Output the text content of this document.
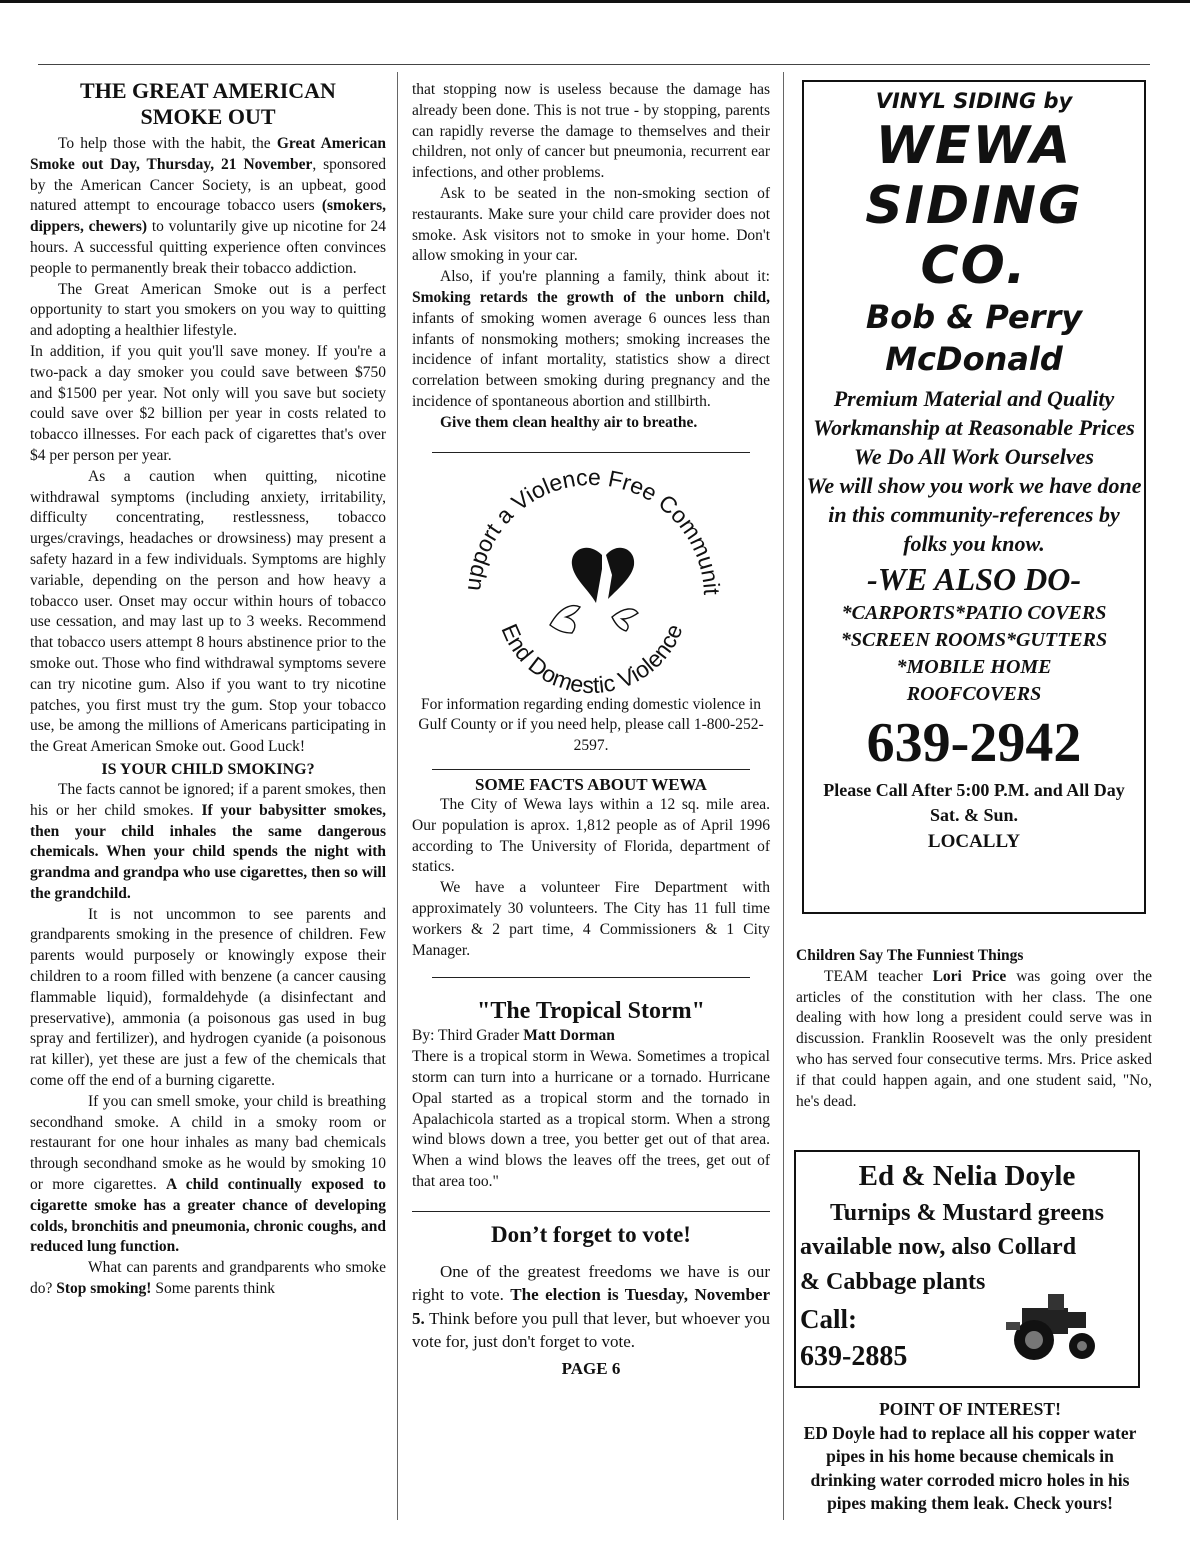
THE GREAT AMERICAN
SMOKE OUT

To help those with the habit, the Great American Smoke out Day, Thursday, 21 November, sponsored by the American Cancer Society, is an upbeat, good natured attempt to encourage tobacco users (smokers, dippers, chewers) to voluntarily give up nicotine for 24 hours. A successful quitting experience often convinces people to permanently break their tobacco addiction.

The Great American Smoke out is a perfect opportunity to start you smokers on you way to quitting and adopting a healthier lifestyle.

In addition, if you quit you'll save money. If you're a two-pack a day smoker you could save between $750 and $1500 per year. Not only will you save but society could save over $2 billion per year in costs related to tobacco illnesses. For each pack of cigarettes that's over $4 per person per year.

As a caution when quitting, nicotine withdrawal symptoms (including anxiety, irritability, difficulty concentrating, restlessness, tobacco urges/cravings, headaches or drowsiness) may present a safety hazard in a few individuals. Symptoms are highly variable, depending on the person and how heavy a tobacco user. Onset may occur within hours of tobacco use cessation, and may last up to 3 weeks. Recommend that tobacco users attempt 8 hours abstinence prior to the smoke out. Those who find withdrawal symptoms severe can try nicotine gum. Also if you want to try nicotine patches, you first must try the gum. Stop your tobacco use, be among the millions of Americans participating in the Great American Smoke out. Good Luck!

IS YOUR CHILD SMOKING?

The facts cannot be ignored; if a parent smokes, then his or her child smokes. If your babysitter smokes, then your child inhales the same dangerous chemicals. When your child spends the night with grandma and grandpa who use cigarettes, then so will the grandchild.

It is not uncommon to see parents and grandparents smoking in the presence of children. Few parents would purposely or knowingly expose their children to a room filled with benzene (a cancer causing flammable liquid), formaldehyde (a disinfectant and preservative), ammonia (a poisonous gas used in bug spray and fertilizer), and hydrogen cyanide (a poisonous rat killer), yet these are just a few of the chemicals that come off the end of a burning cigarette.

If you can smell smoke, your child is breathing secondhand smoke. A child in a smoky room or restaurant for one hour inhales as many bad chemicals through secondhand smoke as he would by smoking 10 or more cigarettes. A child continually exposed to cigarette smoke has a greater chance of developing colds, bronchitis and pneumonia, chronic coughs, and reduced lung function.

What can parents and grandparents who smoke do? Stop smoking! Some parents think

that stopping now is useless because the damage has already been done. This is not true - by stopping, parents can rapidly reverse the damage to themselves and their children, not only of cancer but pneumonia, recurrent ear infections, and other problems.

Ask to be seated in the non-smoking section of restaurants. Make sure your child care provider does not smoke. Ask visitors not to smoke in your home. Don't allow smoking in your car.

Also, if you're planning a family, think about it: Smoking retards the growth of the unborn child, infants of smoking women average 6 ounces less than infants of nonsmoking mothers; smoking increases the incidence of infant mortality, statistics show a direct correlation between smoking during pregnancy and the incidence of spontaneous abortion and stillbirth.

Give them clean healthy air to breathe.

upport a Violence Free Communit
End Domestic Violence

For information regarding ending domestic violence in Gulf County or if you need help, please call 1-800-252-2597.

SOME FACTS ABOUT WEWA

The City of Wewa lays within a 12 sq. mile area. Our population is aprox. 1,812 people as of April 1996 according to The University of Florida, department of statics.

We have a volunteer Fire Department with approximately 30 volunteers. The City has 11 full time workers & 2 part time, 4 Commissioners & 1 City Manager.

"The Tropical Storm"

By: Third Grader Matt Dorman

There is a tropical storm in Wewa. Sometimes a tropical storm can turn into a hurricane or a tornado. Hurricane Opal started as a tropical storm and the tornado in Apalachicola started as a tropical storm. When a strong wind blows down a tree, you better get out of that area. When a wind blows the leaves off the trees, get out of that area too."

Don’t forget to vote!

One of the greatest freedoms we have is our right to vote. The election is Tuesday, November 5. Think before you pull that lever, but whoever you vote for, just don't forget to vote.

PAGE 6
VINYL SIDING by
WEWA
SIDING
CO.
Bob & Perry
McDonald
Premium Material and Quality Workmanship at Reasonable Prices
We Do All Work Ourselves
We will show you work we have done in this community-references by folks you know.
-WE ALSO DO-
*CARPORTS*PATIO COVERS
*SCREEN ROOMS*GUTTERS
*MOBILE HOME
ROOFCOVERS
639-2942
Please Call After 5:00 P.M. and All Day Sat. & Sun.
LOCALLY
Children Say The Funniest Things

TEAM teacher Lori Price was going over the articles of the constitution with her class. The one dealing with how long a president could serve was in discussion. Franklin Roosevelt was the only president who has served four consecutive terms. Mrs. Price asked if that could happen again, and one student said, "No, he's dead.

Ed & Nelia Doyle
Turnips & Mustard greens
available now, also Collard
& Cabbage plants
Call:
639-2885
POINT OF INTEREST!
ED Doyle had to replace all his copper water pipes in his home because chemicals in drinking water corroded micro holes in his pipes making them leak. Check yours!
